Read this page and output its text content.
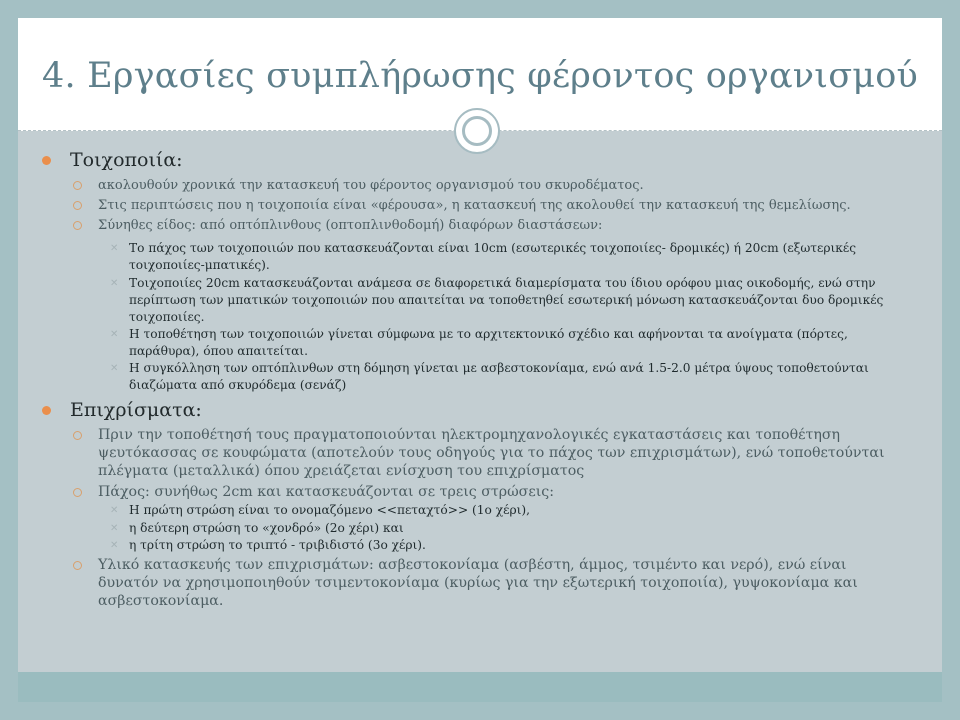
4. Εργασίες συμπλήρωσης φέροντος οργανισμού
Τοιχοποιία:
ακολουθούν χρονικά την κατασκευή του φέροντος οργανισμού του σκυροδέματος.
Στις περιπτώσεις που η τοιχοποιία είναι «φέρουσα», η κατασκευή της ακολουθεί την κατασκευή της θεμελίωσης.
Σύνηθες είδος: από οπτόπλινθους (οπτοπλινθοδομή) διαφόρων διαστάσεων:
✕ Το πάχος των τοιχοποιιών που κατασκευάζονται είναι 10cm (εσωτερικές τοιχοποιίες- δρομικές) ή 20cm (εξωτερικές τοιχοποιίες-μπατικές).
✕ Τοιχοποιίες 20cm κατασκευάζονται ανάμεσα σε διαφορετικά διαμερίσματα του ίδιου ορόφου μιας οικοδομής, ενώ στην περίπτωση των μπατικών τοιχοποιιών που απαιτείται να τοποθετηθεί εσωτερική μόνωση κατασκευάζονται δυο δρομικές τοιχοποιίες.
✕ Η τοποθέτηση των τοιχοποιιών γίνεται σύμφωνα με το αρχιτεκτονικό σχέδιο και αφήνονται τα ανοίγματα (πόρτες, παράθυρα), όπου απαιτείται.
✕ Η συγκόλληση των οπτόπλινθων στη δόμηση γίνεται με ασβεστοκονίαμα, ενώ ανά 1.5-2.0 μέτρα ύψους τοποθετούνται διαζώματα από σκυρόδεμα (σενάζ)
Επιχρίσματα:
Πριν την τοποθέτησή τους πραγματοποιούνται ηλεκτρομηχανολογικές εγκαταστάσεις και τοποθέτηση ψευτόκασσας σε κουφώματα (αποτελούν τους οδηγούς για το πάχος των επιχρισμάτων), ενώ τοποθετούνται πλέγματα (μεταλλικά) όπου χρειάζεται ενίσχυση του επιχρίσματος
Πάχος: συνήθως 2cm και κατασκευάζονται σε τρεις στρώσεις:
✕ Η πρώτη στρώση είναι το ονομαζόμενο <<πεταχτό>> (1ο χέρι),
✕ η δεύτερη στρώση το «χονδρό» (2ο χέρι) και
✕ η τρίτη στρώση το τριπτό - τριβιδιστό (3ο χέρι).
Υλικό κατασκευής των επιχρισμάτων: ασβεστοκονίαμα (ασβέστη, άμμος, τσιμέντο και νερό), ενώ είναι δυνατόν να χρησιμοποιηθούν τσιμεντοκονίαμα (κυρίως για την εξωτερική τοιχοποιία), γυψοκονίαμα και ασβεστοκονίαμα.
